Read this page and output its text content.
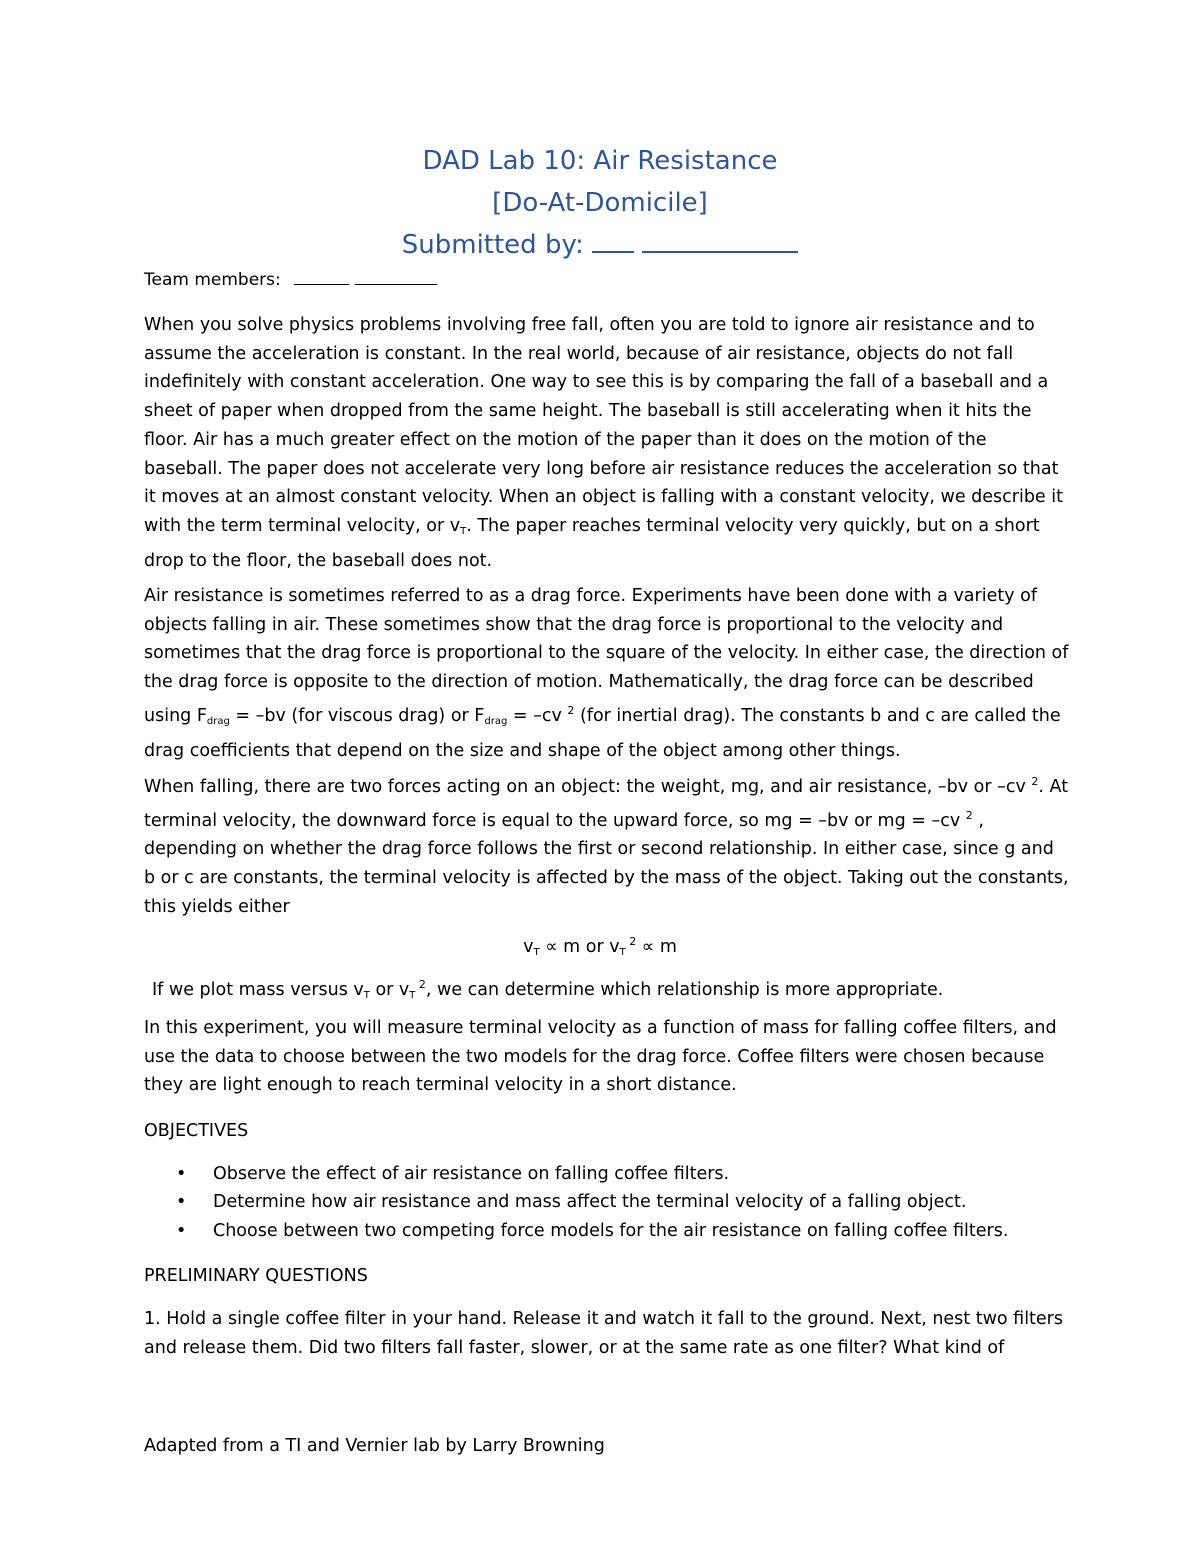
DAD Lab 10: Air Resistance
[Do-At-Domicile]
Submitted by:
Team members:
When you solve physics problems involving free fall, often you are told to ignore air resistance and to assume the acceleration is constant. In the real world, because of air resistance, objects do not fall indefinitely with constant acceleration. One way to see this is by comparing the fall of a baseball and a sheet of paper when dropped from the same height. The baseball is still accelerating when it hits the floor. Air has a much greater effect on the motion of the paper than it does on the motion of the baseball. The paper does not accelerate very long before air resistance reduces the acceleration so that it moves at an almost constant velocity. When an object is falling with a constant velocity, we describe it with the term terminal velocity, or $v_T$. The paper reaches terminal velocity very quickly, but on a short drop to the floor, the baseball does not.
Air resistance is sometimes referred to as a drag force. Experiments have been done with a variety of objects falling in air. These sometimes show that the drag force is proportional to the velocity and sometimes that the drag force is proportional to the square of the velocity. In either case, the direction of the drag force is opposite to the direction of motion. Mathematically, the drag force can be described using $F_{drag} = -bv$ (for viscous drag) or $F_{drag} = -cv$ $^2$ (for inertial drag). The constants b and c are called the drag coefficients that depend on the size and shape of the object among other things.
When falling, there are two forces acting on an object: the weight, mg, and air resistance, –bv or –cv $^2$. At terminal velocity, the downward force is equal to the upward force, so mg = –bv or mg = –cv $^2$ , depending on whether the drag force follows the first or second relationship. In either case, since g and b or c are constants, the terminal velocity is affected by the mass of the object. Taking out the constants, this yields either
$v_T \propto m$ or $v_T$ $^2$ ∝ m
If we plot mass versus $v_T$ or $v_T$ $^2$, we can determine which relationship is more appropriate.
In this experiment, you will measure terminal velocity as a function of mass for falling coffee filters, and use the data to choose between the two models for the drag force. Coffee filters were chosen because they are light enough to reach terminal velocity in a short distance.
OBJECTIVES
• Observe the effect of air resistance on falling coffee filters.
• Determine how air resistance and mass affect the terminal velocity of a falling object.
• Choose between two competing force models for the air resistance on falling coffee filters.
PRELIMINARY QUESTIONS
1. Hold a single coffee filter in your hand. Release it and watch it fall to the ground. Next, nest two filters and release them. Did two filters fall faster, slower, or at the same rate as one filter? What kind of
Adapted from a TI and Vernier lab by Larry Browning
